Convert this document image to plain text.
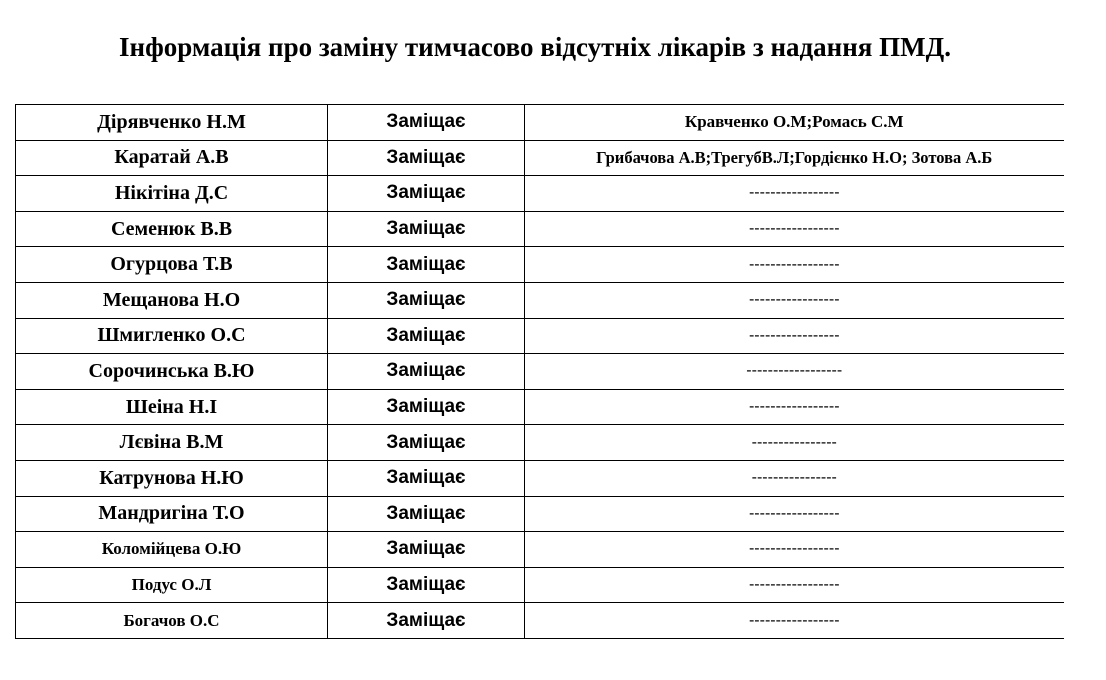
Інформація про заміну тимчасово відсутніх лікарів з надання ПМД.
Дірявченко Н.М	Заміщає	Кравченко О.М;Ромась С.М
Каратай А.В	Заміщає	Грибачова А.В;ТрегубВ.Л;Гордієнко Н.О; Зотова А.Б
Нікітіна Д.С	Заміщає	-----------------
Семенюк В.В	Заміщає	-----------------
Огурцова Т.В	Заміщає	-----------------
Мещанова Н.О	Заміщає	-----------------
Шмигленко О.С	Заміщає	-----------------
Сорочинська В.Ю	Заміщає	------------------
Шеіна Н.І	Заміщає	-----------------
Лєвіна В.М	Заміщає	----------------
Катрунова Н.Ю	Заміщає	----------------
Мандригіна Т.О	Заміщає	-----------------
Коломійцева О.Ю	Заміщає	-----------------
Подус О.Л	Заміщає	-----------------
Богачов О.С	Заміщає	-----------------
